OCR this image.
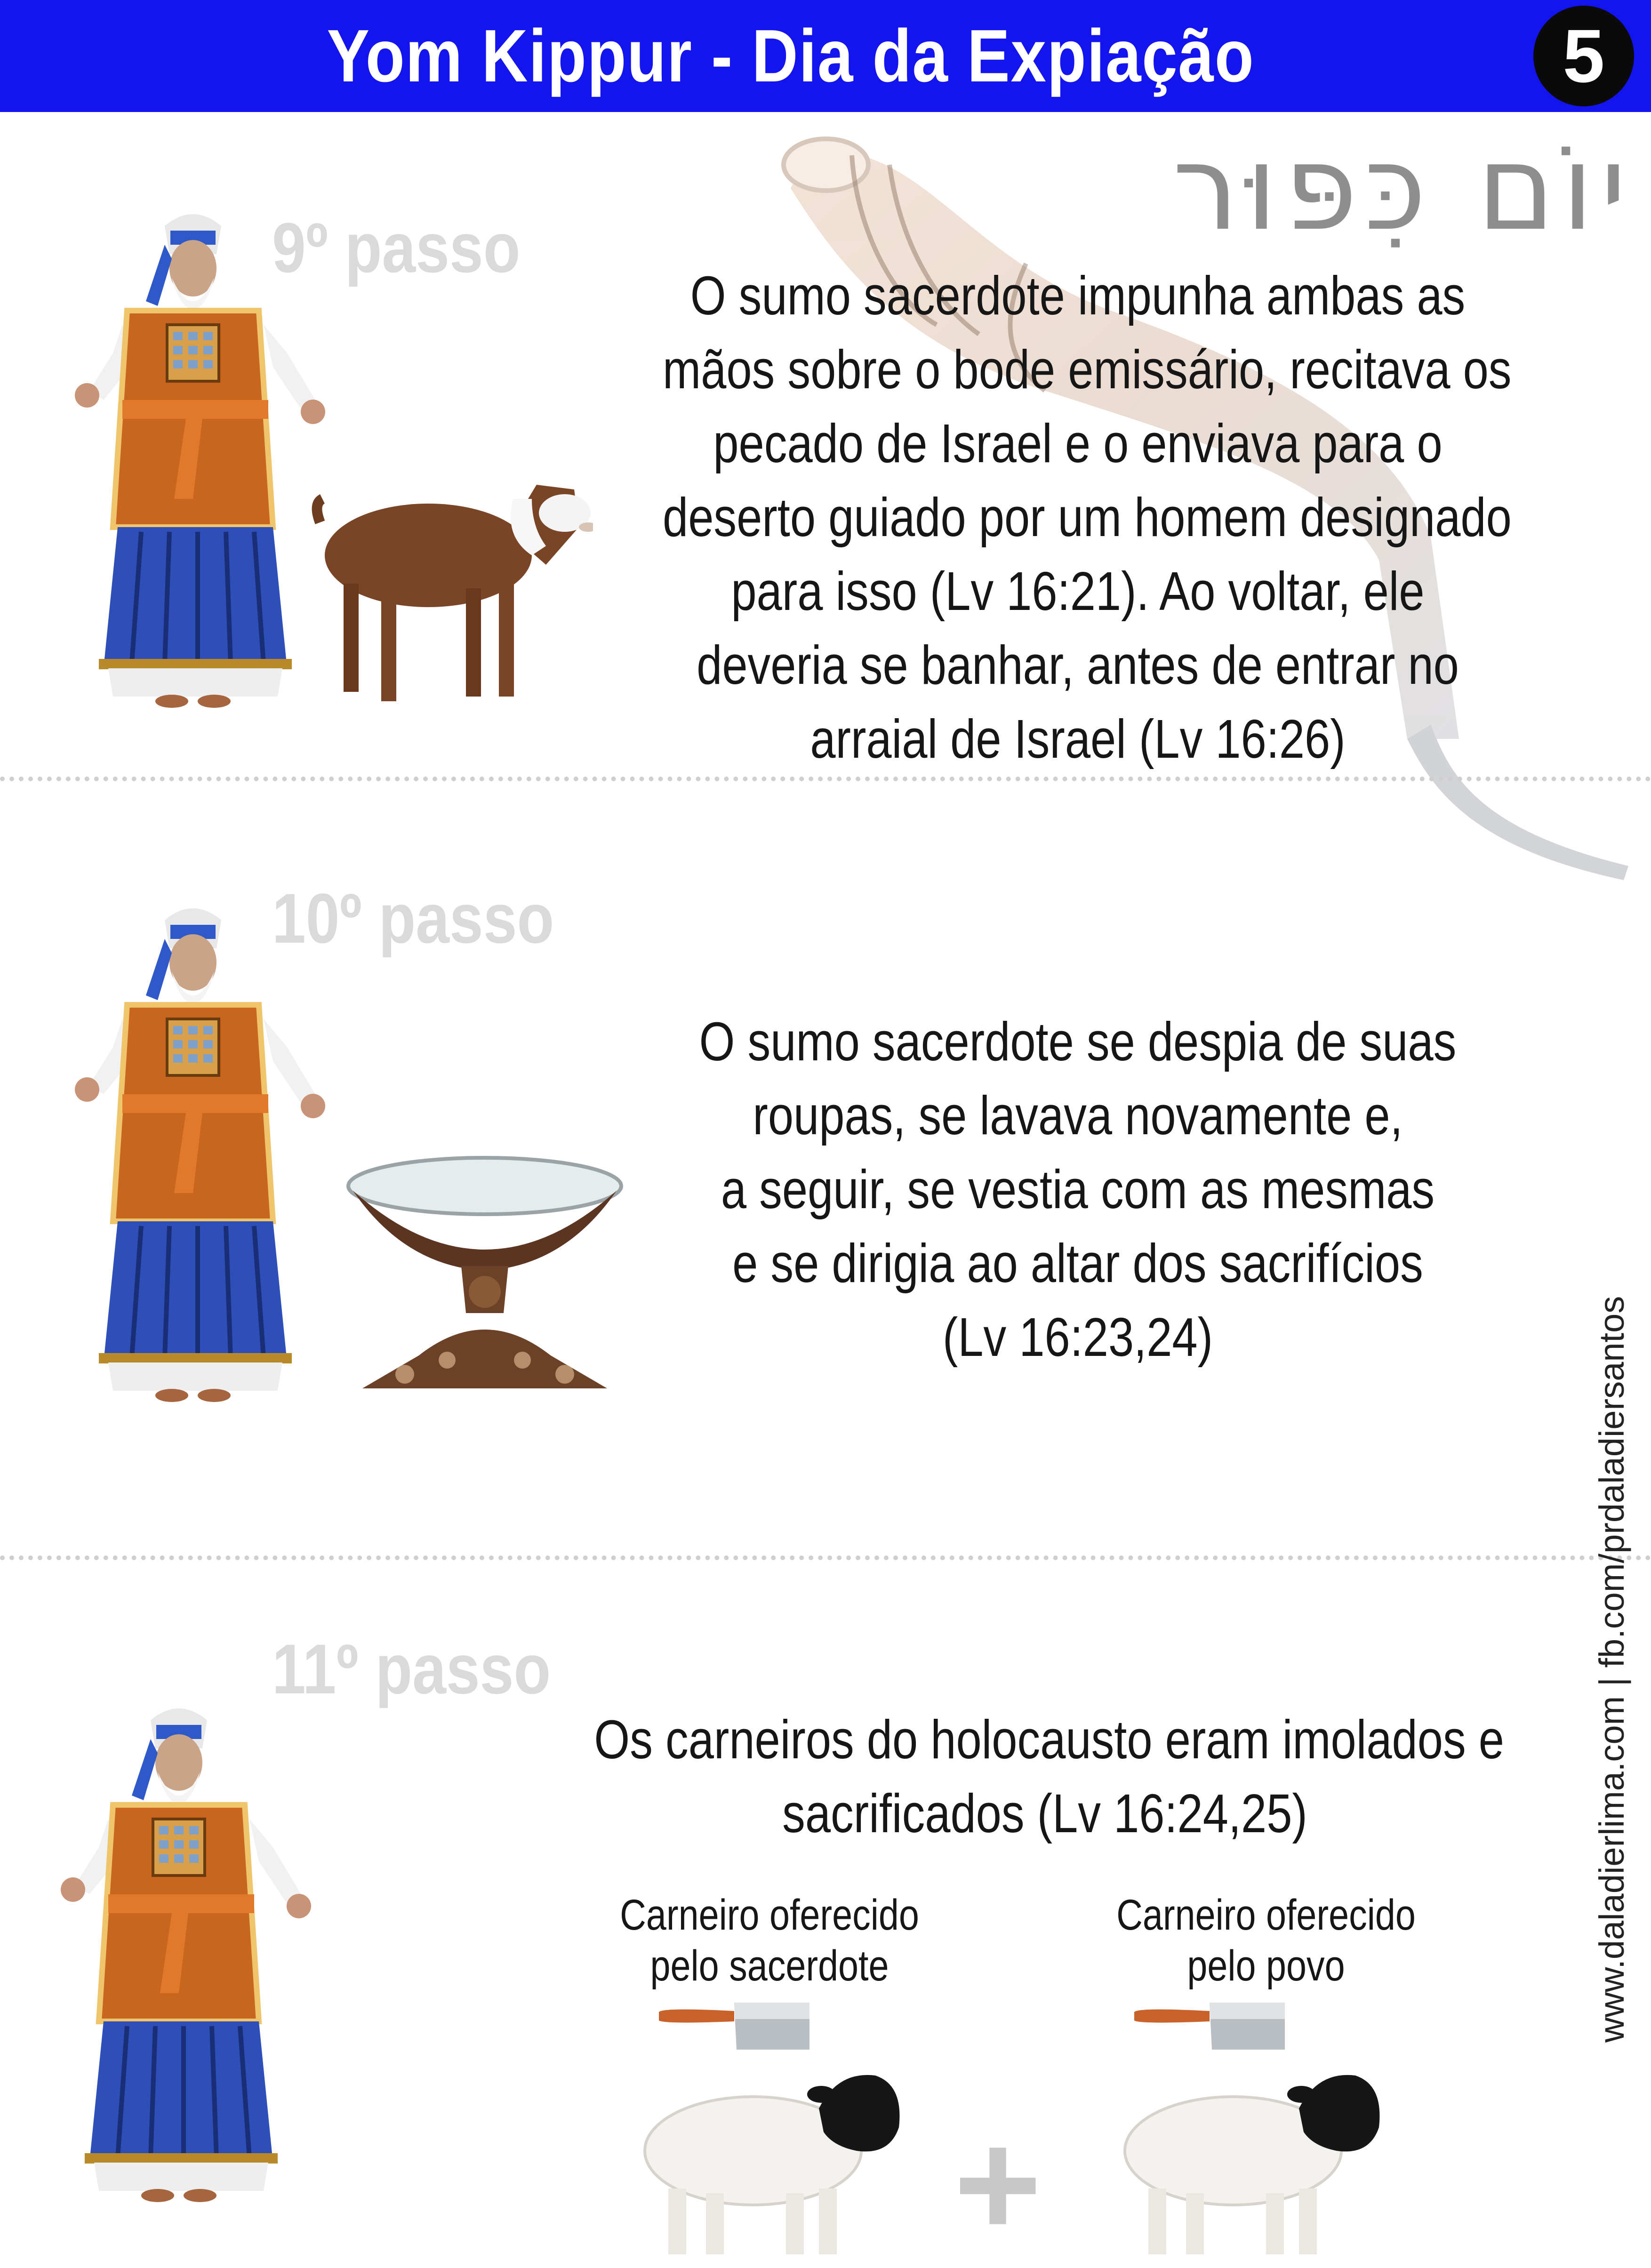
Yom Kippur - Dia da Expiação	5
יוֹם כִּפּוּר
9º passo
O sumo sacerdote impunha ambas as
mãos sobre o bode emissário, recitava os
pecado de Israel e o enviava para o
deserto guiado por um homem designado
para isso (Lv 16:21). Ao voltar, ele
deveria se banhar, antes de entrar no
arraial de Israel (Lv 16:26)
10º passo
O sumo sacerdote se despia de suas
roupas, se lavava novamente e,
a seguir, se vestia com as mesmas
e se dirigia ao altar dos sacrifícios
(Lv 16:23,24)
11º passo
Os carneiros do holocausto eram imolados e
sacrificados (Lv 16:24,25)
Carneiro oferecido
pelo sacerdote
Carneiro oferecido
pelo povo
+
www.daladierlima.com | fb.com/prdaladiersantos
